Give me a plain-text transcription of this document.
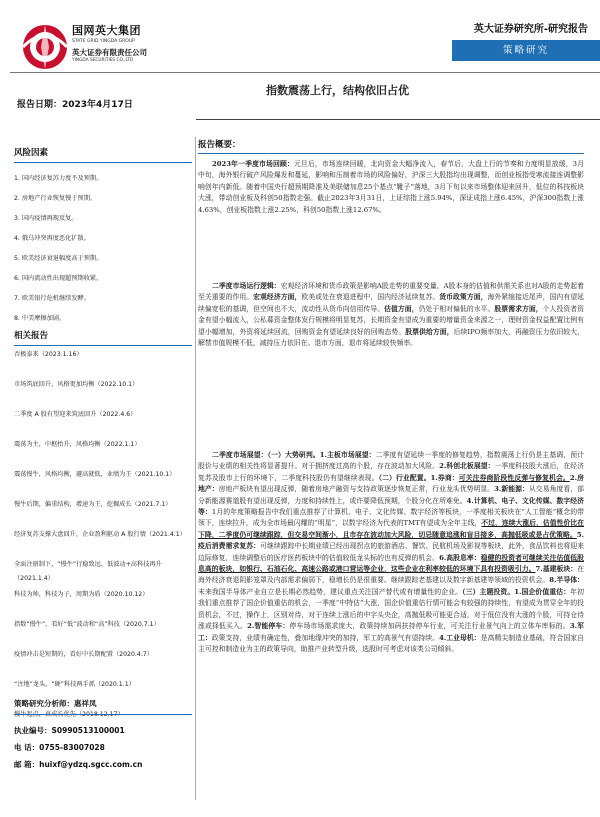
国网英大集团
STATE GRID YINGDA GROUP
英大证券有限责任公司
YINGDA SECURITIES CO.,LTD
英大证券研究所-研究报告
策略研究
指数震荡上行，结构依旧占优
报告日期：2023年4月17日
风险因素
1. 国内经济复苏力度不及预期。
2. 房地产行业恢复慢于预期。
3. 国内疫情再现反复。
4. 俄乌冲突再度恶化扩散。
5. 欧美经济衰退幅度高于预期。
6. 国内流动性出现超预期收紧。
7. 欧美银行危机继续发酵。
8. 中美摩擦加剧。
相关报告
否极泰来（2023.1.16）
市场筑底回升，风格更加均衡（2022.10.1）
二季度 A 股有望迎来筑底回升（2022.4.6）
震荡为主，中枢抬升，风格均衡（2022.1.1）
震荡慢牛，风格均衡，避高就低，业绩为王（2021.10.1）
慢牛后期，偏重结构，增速为王，挖掘成长（2021.7.1）
经济复苏支撑大盘回升，企业盈利驱动 A 股行情（2021.4.1）
全面注册制下，“慢牛”行稳致远，低波动+高科技再升（2021.1.4）
科技为帅，科技为子，周期为盾（2020.10.12）
指数“慢牛”，看好“低”波动和“高”科技（2020.7.1）
疫情冲击是短期的，看好中长期配置（2020.4.7）
“注地”龙头，“硬”科技两手抓（2020.1.1）
慢牛起点，真成长优先（2018.12.17）
策略研究分析师：惠祥凤
执业编号：S0990513100001
电 话：0755-83007028
邮 箱：huixf@ydzq.sgcc.com.cn
报告概要：
2023年一季度市场回顾：元旦后，市场连续回暖，北向资金大幅净流入，春节后，大盘上行的节奏和力度明显放缓，3月中旬，海外银行破产风险爆发和蔓延，影响和压制着市场的风险偏好，沪深三大股指均出现调整，而创业板指受寒流接连调整影响创年内新低。随着中国央行超预期降准及美联储加息25个基点“靴子”落地，3月下旬以来市场整体迎来回升，低位的科技板块大涨，带动创业板及科创50指数走强。截止2023年3月31日，上证综指上涨5.94%，深证成指上涨6.45%，沪深300指数上涨4.63%，创业板指数上涨2.25%，科创50指数上涨12.67%。
二季度市场运行逻辑：宏观经济环境和货币政策是影响A股走势的重要变量，A股本身的估值和供需关系也对A股的走势起着至关重要的作用。宏观经济方面，欧美或处在衰退进程中，国内经济延续复苏。货币政策方面，海外紧缩接近尾声，国内有望延续偏宽松的基调，但空间也不大，流动性从货币向信用传导。估值方面，仍处于相对偏低的水平。股票需求方面，个人投资者资金有望小幅流入，公私募资金整体发行规模将明显复苏，长期资金有望成为重要的增量资金来源之一，理财资金权益配置比例有望小幅增加，外资将延续回流，回购资金有望延续良好的回购态势。股票供给方面，后续IPO频率加大，再融资压力依旧较大，解禁市值规模不低，减持压力依旧在。退市方面，退市将延续较快频率。
二季度市场展望：（一）大势研判。1.主板市场展望：二季度有望延续一季度的修复趋势，指数震荡上行仍是主基调，预计股价与业绩的相关性将显著提升。对于拥挤度过高的个股，存在波动加大风险。2.科创北板展望：一季度科技股大涨后，在经济复苏及股市上行的环境下，二季度科技股仍有望继续表现。（二）行业配置。1.券商：可关注券商阶段性反弹与修复机会。2.房地产：房地产板块有望出现反弹，随着房地产融资与支持政策逐步恢复正常，行业龙头优势明显。3.新能源：从交易角度看，部分新能源赛道股有望出现反弹，力度和持续性上，或许要降低预期，个股分化在所难免。4.计算机、电子、文化传媒、数字经济等：1月的年度策略报告中我们重点推荐了计算机、电子、文化传媒、数字经济等板块，一季度相关板块在“人工智能”概念的带领下，连续拉升，成为全市场最闪耀的“明星”，以数字经济为代表的TMT有望成为全年主线，不过，连续大涨后，估值性价比在下降，二季度仍可继续跟踪，但交易空间渐小，且市存在波动加大风险，切忌随意追涨和盲目接多，高抛低吸或是占优策略。5.疫后消费需求复苏：可继续跟踪中长期业绩已经出现拐点的旅游酒店、餐饮、民航机场及影视等板块，此外，食品饮料也将迎来边际修复，连续调整后的医疗医药板块中的估值较低龙头标的也有反弹的机会。6.高股息率：稳健的投资者可继续关注估值低股息高的板块，如银行、石油石化、高速公路或港口营运等企业，这些企业在利率较低的环境下具有投资吸引力。7.基建板块：在海外经济衰退阴影笼罩及内部需求偏弱下，稳增长仍是很重要。继续跟踪老基建以及数字新基建等领域的投资机会。8.半导体：未来我国半导体产业自立是长期必然趋势，建议重点关注国产替代或有增量性的企业。（三）主题投资。1.国企价值重估：年初我们重点推荐了国企价值重估的机会，一季度“中特估”大涨，国企价值重估行情可能会有较强的持续性，有望成为贯穿全年的投资机会，不过，操作上，区别对待，对于连续上涨后的中字头央企，高抛低吸可能更合适，对于低位没有大涨的个股，可持仓待涨或择低买入。2.智能停车：停车场市场需求庞大，政策持续加码扶持停车行业，可关注行业景气向上的立体车库标的。3.军工：政策支持，业绩有确定性，叠加地缘冲突的加持，军工的高景气有望持续。4.工业母机：是高精尖制造业基础，符合国家自主可控和制造业为主的政策导向，助推产业转型升级，选股时可考虑对该类公司倾斜。
